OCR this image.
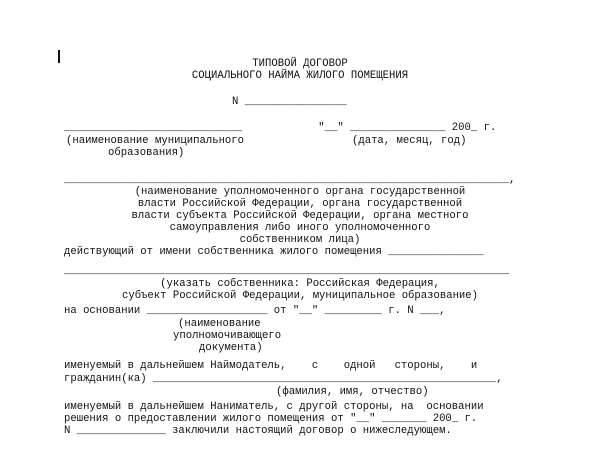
ТИПОВОЙ ДОГОВОР
СОЦИАЛЬНОГО НАЙМА ЖИЛОГО ПОМЕЩЕНИЯ
N ________________
____________________________            "__" _______________ 200_ г.
(наименование муниципального	(дата, месяц, год)
образования)
______________________________________________________________________,
(наименование уполномоченного органа государственной
власти Российской Федерации, органа государственной
власти субъекта Российской Федерации, органа местного
самоуправления либо иного уполномоченного
собственником лица)
действующий от имени собственника жилого помещения _______________
______________________________________________________________________
(указать собственника: Российская Федерация,
субъект Российской Федерации, муниципальное образование)
на основании ___________________ от "__" _________ г. N ___,
(наименование
уполномочивающего
документа)
именуемый в дальнейшем Наймодатель,    с    одной   стороны,    и
гражданин(ка) ______________________________________________________,
(фамилия, имя, отчество)
именуемый в дальнейшем Наниматель, с другой стороны, на  основании
решения о предоставлении жилого помещения от "__" _______ 200_ г.
N ______________ заключили настоящий договор о нижеследующем.
